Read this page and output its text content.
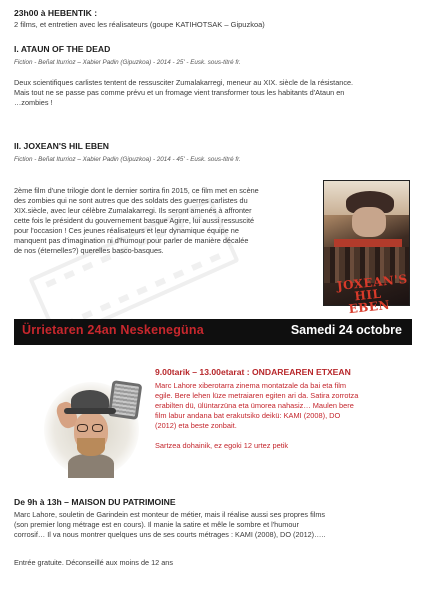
23h00 à HEBENTIK :
2 films, et entretien avec les réalisateurs (goupe KATIHOTSAK – Gipuzkoa)
I. ATAUN OF THE DEAD
Fiction - Beñat Iturrioz – Xabier Padin (Gipuzkoa) - 2014 - 25' - Eusk. sous-titré fr.
Deux scientifiques carlistes tentent de ressusciter Zumalakarregi, meneur au XIX. siècle de la résistance.
Mais tout ne se passe pas comme prévu et un fromage vient transformer tous les habitants d'Ataun en
…zombies !
II. JOXEAN'S HIL EBEN
Fiction - Beñat Iturrioz – Xabier Padin (Gipuzkoa) - 2014 - 45' - Eusk. sous-titré fr.
2ème film d'une trilogie dont le dernier sortira fin 2015, ce film met en scène
des zombies qui ne sont autres que des soldats des guerres carlistes du
XIX.siècle, avec leur célèbre Zumalakarregi. Ils seront amenés à affronter
cette fois le président du gouvernement basque Agirre, lui aussi ressuscité
pour l'occasion ! Ces jeunes réalisateurs et leur dynamique équipe ne
manquent pas d'imagination ni d'humour pour parler de manière décalée
de nos (éternelles?) querelles basco-basques.
JOXEAN'S HIL EBEN
Ürrietaren 24an Neskenegüna	Samedi 24 octobre
9.00tarik – 13.00etarat : ONDAREAREN ETXEAN
Marc Lahore xiberotarra zinema montatzale da bai eta film
egile. Bere lehen lüze metraiaren egiten ari da. Satira zorrotza
erabilten dü, ülüntarzüna eta ümorea nahasiz… Maulen bere
film labur andana bat erakutsiko deikü: KAMI (2008), DO
(2012) eta beste zonbait.
Sartzea dohainik, ez egoki 12 urtez petik
De 9h à 13h – MAISON DU PATRIMOINE
Marc Lahore, souletin de Garindein est monteur de métier, mais il réalise aussi ses propres films
(son premier long métrage est en cours). Il manie la satire et mêle le sombre et l'humour
corrosif… Il va nous montrer quelques uns de ses courts métrages : KAMI (2008), DO (2012)…..
Entrée gratuite. Déconseillé aux moins de 12 ans
